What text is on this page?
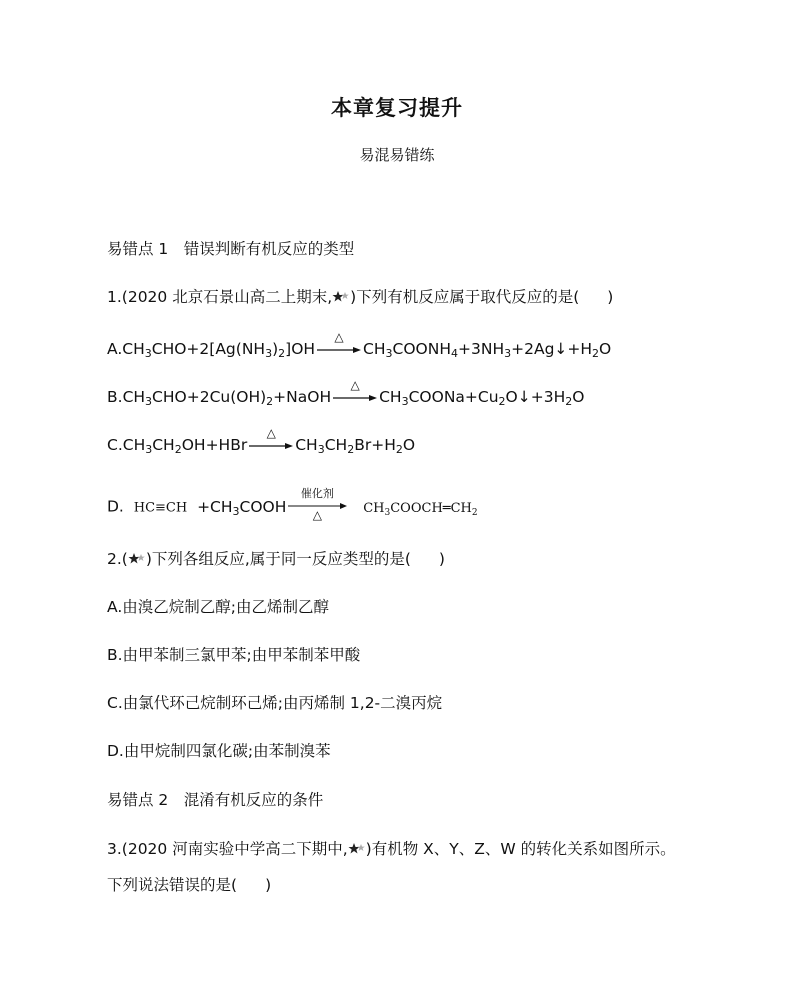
本章复习提升
易混易错练
易错点 1　错误判断有机反应的类型
1.(2020 北京石景山高二上期末, )下列有机反应属于取代反应的是( )
$A.CH_3CHO+2[Ag(NH_3)_2]OH$
△
$CH_3COONH_4+3NH_3+2Ag↓+H_2O$
$B.CH_3CHO+2Cu(OH)_2+NaOH$
△
$CH_3COONa+Cu_2O↓+3H_2O$
$C.CH_3CH_2OH+HBr$
△
$CH_3CH_2Br+H_2O$
D. $HC\equiv CH +CH_3COOH$
催化剂
△	$CH_3COOCH═CH_2$
2.( )下列各组反应,属于同一反应类型的是( )
A.由溴乙烷制乙醇;由乙烯制乙醇
B.由甲苯制三氯甲苯;由甲苯制苯甲酸
C.由氯代环己烷制环己烯;由丙烯制 1,2-二溴丙烷
D.由甲烷制四氯化碳;由苯制溴苯
易错点 2　混淆有机反应的条件
3.(2020 河南实验中学高二下期中, )有机物 X、Y、Z、W 的转化关系如图所示。
下列说法错误的是( )
